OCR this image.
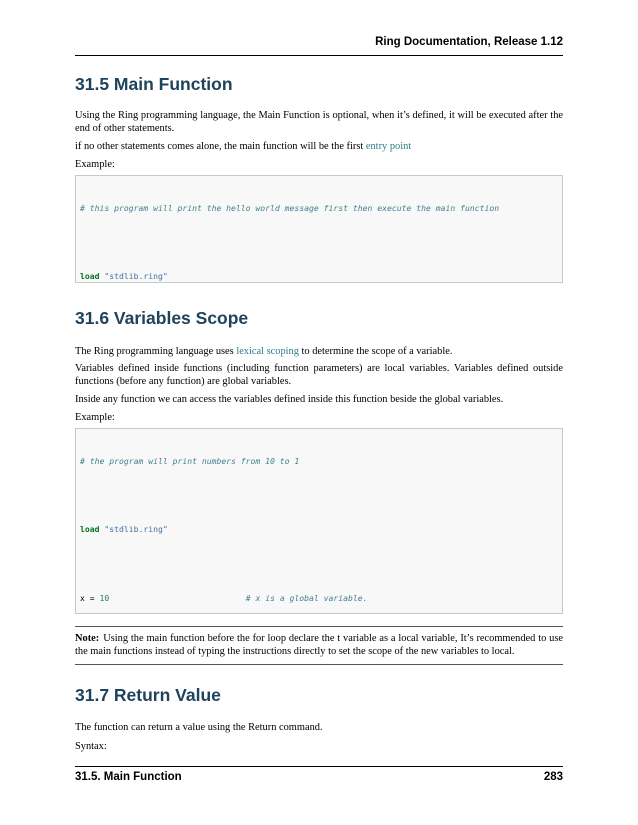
Ring Documentation, Release 1.12
31.5 Main Function

Using the Ring programming language, the Main Function is optional, when it’s defined, it will be executed after the end of other statements.

if no other statements comes alone, the main function will be the first entry point

Example:

# this program will print the hello world message first then execute the main function

load "stdlib.ring"

31.6 Variables Scope

The Ring programming language uses lexical scoping to determine the scope of a variable.

Variables defined inside functions (including function parameters) are local variables. Variables defined outside functions (before any function) are global variables.

Inside any function we can access the variables defined inside this function beside the global variables.

Example:

# the program will print numbers from 10 to 1

load "stdlib.ring"

x = 10	# x is a global variable.

Note: Using the main function before the for loop declare the t variable as a local variable, It’s recommended to use the main functions instead of typing the instructions directly to set the scope of the new variables to local.
31.7 Return Value

The function can return a value using the Return command.

Syntax:

31.5. Main Function	283
